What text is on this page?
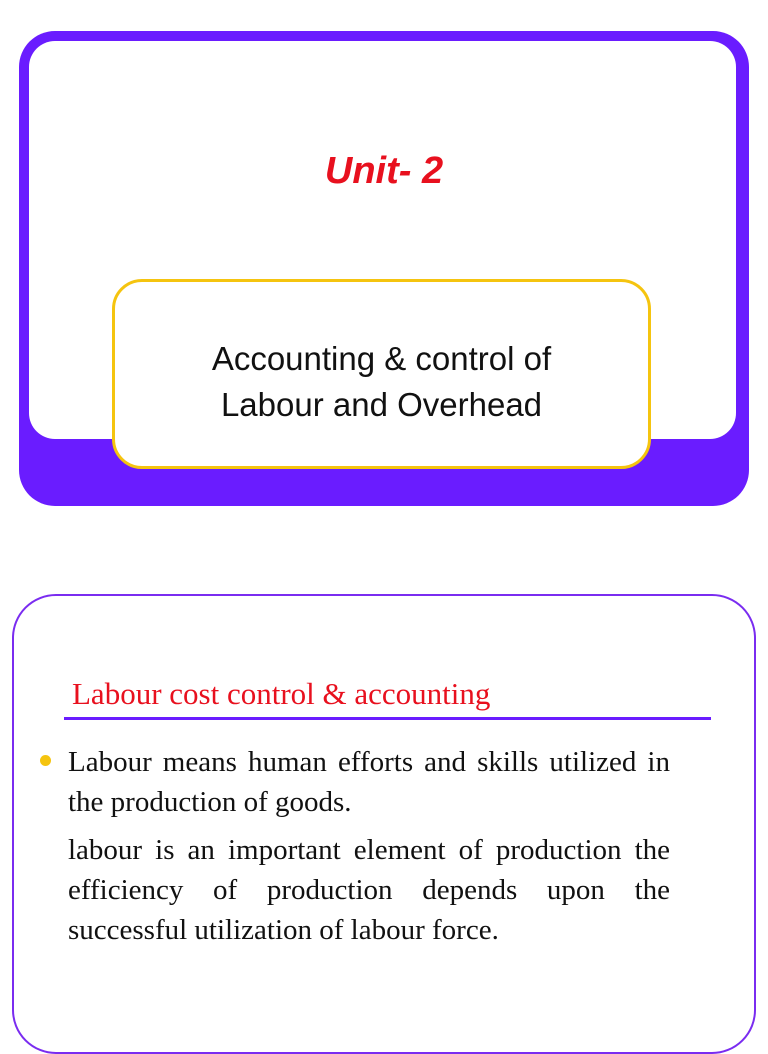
Unit- 2
Accounting & control of
Labour and Overhead
Labour cost control & accounting

Labour means human efforts and skills utilized in the production of goods.

labour is an important element of production the efficiency of production depends upon the successful utilization of labour force.
